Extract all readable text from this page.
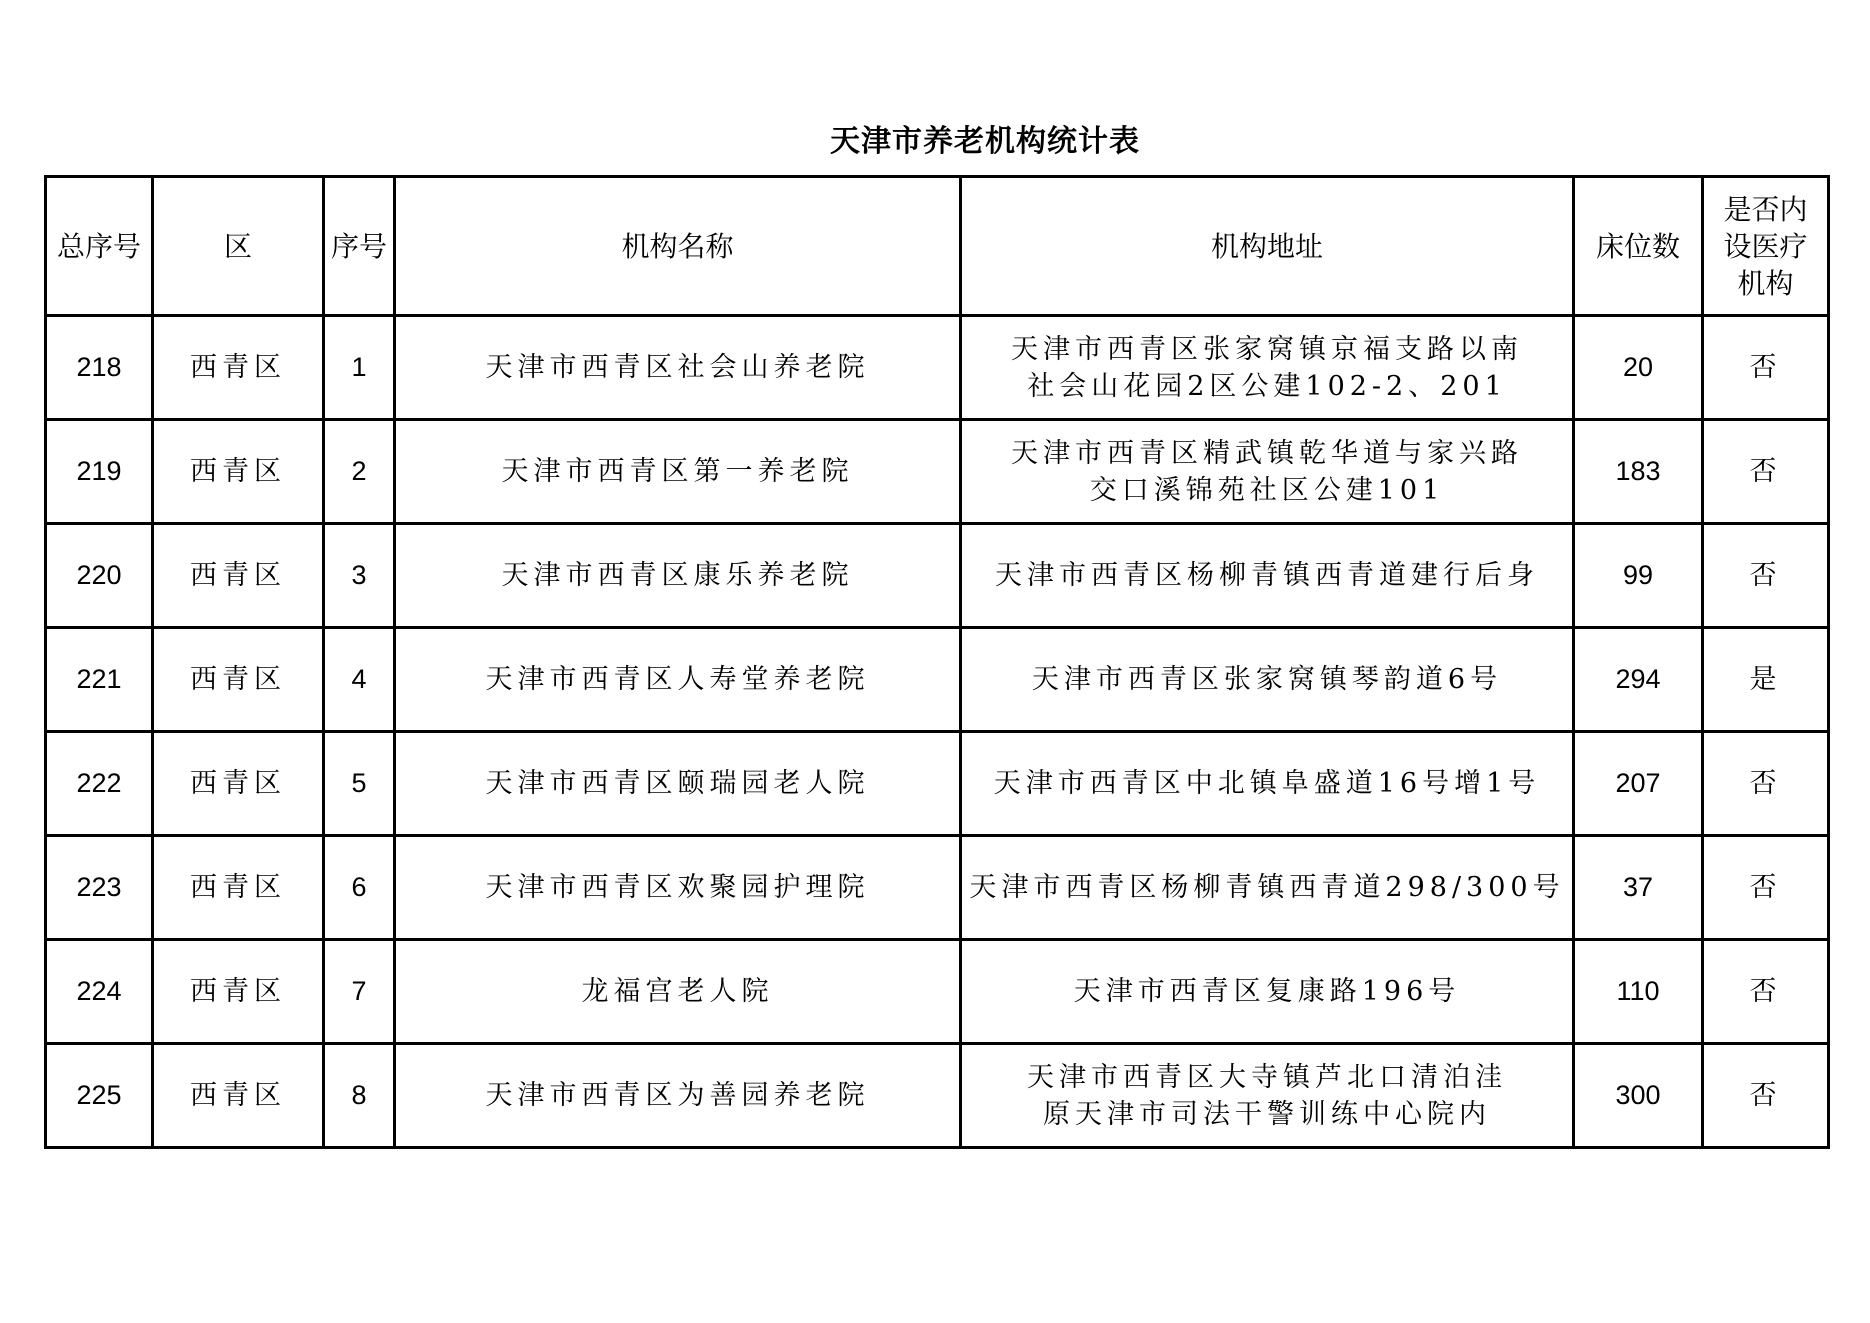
天津市养老机构统计表
总序号	区	序号	机构名称	机构地址	床位数	是否内设医疗机构
218	西青区	1	天津市西青区社会山养老院	天津市西青区张家窝镇京福支路以南
社会山花园2区公建102-2、201	20	否
219	西青区	2	天津市西青区第一养老院	天津市西青区精武镇乾华道与家兴路
交口溪锦苑社区公建101	183	否
220	西青区	3	天津市西青区康乐养老院	天津市西青区杨柳青镇西青道建行后身	99	否
221	西青区	4	天津市西青区人寿堂养老院	天津市西青区张家窝镇琴韵道6号	294	是
222	西青区	5	天津市西青区颐瑞园老人院	天津市西青区中北镇阜盛道16号增1号	207	否
223	西青区	6	天津市西青区欢聚园护理院	天津市西青区杨柳青镇西青道298/300号	37	否
224	西青区	7	龙福宫老人院	天津市西青区复康路196号	110	否
225	西青区	8	天津市西青区为善园养老院	天津市西青区大寺镇芦北口清泊洼
原天津市司法干警训练中心院内	300	否
